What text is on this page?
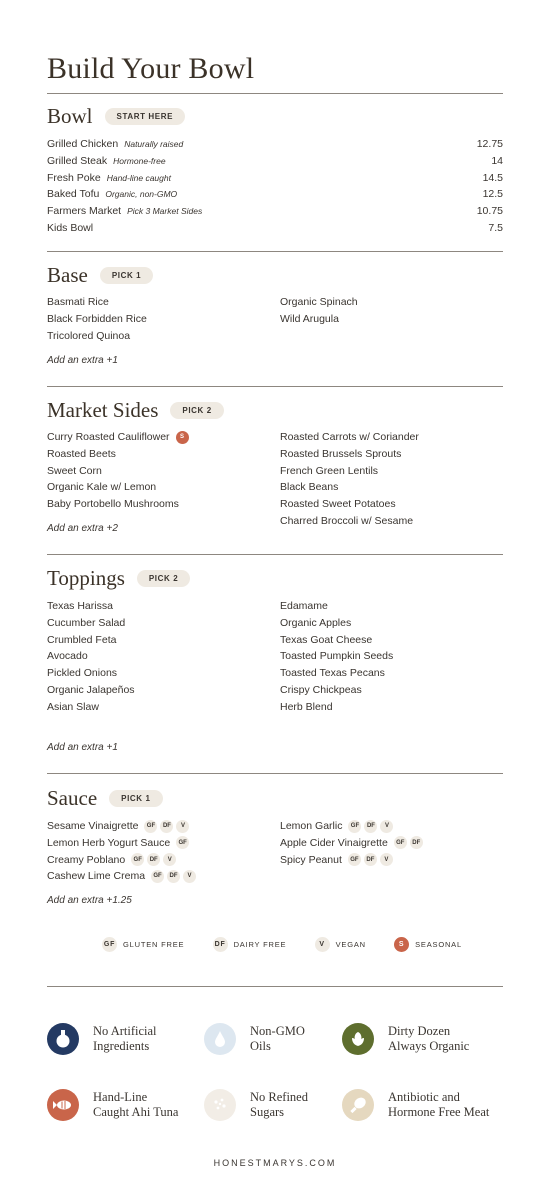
Build Your Bowl
Bowl	START HERE
Grilled Chicken Naturally raised	12.75
Grilled Steak Hormone-free	14
Fresh Poke Hand-line caught	14.5
Baked Tofu Organic, non-GMO	12.5
Farmers Market Pick 3 Market Sides	10.75
Kids Bowl	7.5
Base	PICK 1
Basmati Rice
Black Forbidden Rice
Tricolored Quinoa
Organic Spinach
Wild Arugula
Add an extra +1
Market Sides	PICK 2
Curry Roasted Cauliflower	S
Roasted Beets
Sweet Corn
Organic Kale w/ Lemon
Baby Portobello Mushrooms
Roasted Carrots w/ Coriander
Roasted Brussels Sprouts
French Green Lentils
Black Beans
Roasted Sweet Potatoes
Charred Broccoli w/ Sesame
Add an extra +2
Toppings	PICK 2
Texas Harissa
Cucumber Salad
Crumbled Feta
Avocado
Pickled Onions
Organic Jalapeños
Asian Slaw
Edamame
Organic Apples
Texas Goat Cheese
Toasted Pumpkin Seeds
Toasted Texas Pecans
Crispy Chickpeas
Herb Blend
Add an extra +1
Sauce	PICK 1
Sesame Vinaigrette	GF	DF	V
Lemon Herb Yogurt Sauce	GF
Creamy Poblano	GF	DF	V
Cashew Lime Crema	GF	DF	V
Lemon Garlic	GF	DF	V
Apple Cider Vinaigrette	GF	DF
Spicy Peanut	GF	DF	V
Add an extra +1.25
GF GLUTEN FREE	DF DAIRY FREE	V	VEGAN	S	SEASONAL
No Artificial
Ingredients
Non-GMO
Oils
Dirty Dozen
Always Organic
Hand-Line
Caught Ahi Tuna
No Refined
Sugars
Antibiotic and
Hormone Free Meat
HONESTMARYS.COM
